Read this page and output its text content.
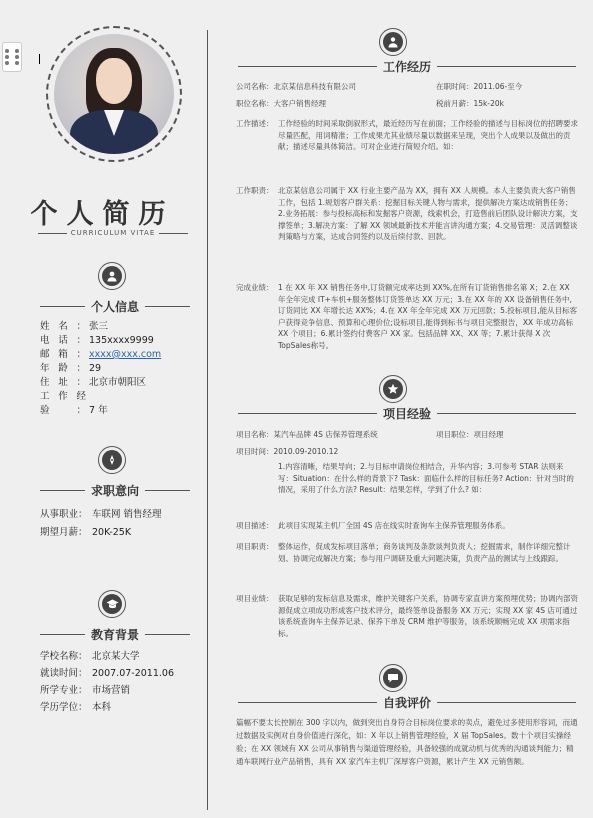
个人简历
CURRICULUM VITAE
个人信息
姓名： 张三
电话： 135xxxx9999
邮箱： xxxx@xxx.com
年龄： 29
住址： 北京市朝阳区
工作经验： 7 年
求职意向
从事职业： 车联网 销售经理
期望月薪： 20K-25K
教育背景
学校名称： 北京某大学
就读时间： 2007.07-2011.06
所学专业： 市场营销
学历学位： 本科
工作经历
公司名称：北京某信息科技有限公司	在职时间：2011.06-至今
职位名称：大客户销售经理	税前月薪：15k-20k
工作描述： 工作经验的时间采取倒叙形式，最近经历写在前面；工作经验的描述与目标岗位的招聘要求尽量匹配，用词精准；工作成果尤其业绩尽量以数据来呈现，突出个人成果以及做出的贡献；描述尽量具体简洁。可对企业进行简短介绍。如：
工作职责： 北京某信息公司属于 XX 行业主要产品为 XX，拥有 XX 人规模。本人主要负责大客户销售工作，包括 1.规划客户群关系：挖掘目标关键人物与需求，提供解决方案达成销售任务；2.业务拓展：参与投标高标和发掘客户资源，线索机会，打造售前后团队设计解决方案，支撑签单；3.解决方案：了解 XX 领域最新技术并能言讲沟通方案；4.交易管理：灵活调整谈判策略与方案，达成合同签约以及后续付款、回款。
完成业绩： 1 在 XX 年 XX 销售任务中,订货额完成率达到 XX%,在所有订货销售排名第 X；2.在 XX 年全年完成 IT+车机+服务整体订货签单达 XX 万元；3.在 XX 年的 XX 设备销售任务中,订货同比 XX 年增长达 XX%；4.在 XX 年全年完成 XX 万元回款；5.投标项目,能从目标客户获得竞争信息、预算和心理价位;设标项目,能得到标书与项目完整报告，XX 年成功高标 XX 个项目；6.累计签约付费客户 XX 家。包括品牌 XX、XX 等；7.累计获得 X 次 TopSales称号。
项目经验
项目名称：某汽车品牌 4S 店保养管理系统	项目职位：项目经理
项目时间：2010.09-2010.12
1.内容清晰，结果导向；2.与目标申请岗位相结合，升华内容；3.可参考 STAR 法则来写：Situation：在什么样的背景下? Task：面临什么样的目标任务? Action：针对当时的情况，采用了什么方法? Result：结果怎样，学到了什么? 如：
项目描述： 此项目实现某主机厂全国 4S 店在线实时查询车主保养管理服务体系。
项目职责： 整体运作，促成发标项目落单；商务谈判及条款谈判负责人；挖掘需求，制作详细完整计划、协调完成解决方案；参与用户调研及重大问题决策，负责产品的测试与上线跟踪。
项目业绩： 获取足够的发标信息及需求，维护关键客户关系，协调专家直讲方案预埋优势；协调内部资源促成立项成功形成客户技术评分，最终签单设备服务 XX 万元；实现 XX 家 4S 店可通过该系统查询车主保养记录、保养下单及 CRM 维护等服务，该系统顺畅完成 XX 项需求指标。
自我评价
篇幅不要太长控制在 300 字以内，做到突出自身符合目标岗位要求的卖点，避免过多使用形容词，而通过数据及实例对自身价值进行深化，如：X 年以上销售管理经验，X 届 TopSales。数十个项目实操经验；在 XX 领域有 XX 公司从事销售与渠道管理经验，具备较强的成就动机与优秀的沟通谈判能力；精通车联网行业产品销售，具有 XX 家汽车主机厂深厚客户资源，累计产生 XX 元销售额。
